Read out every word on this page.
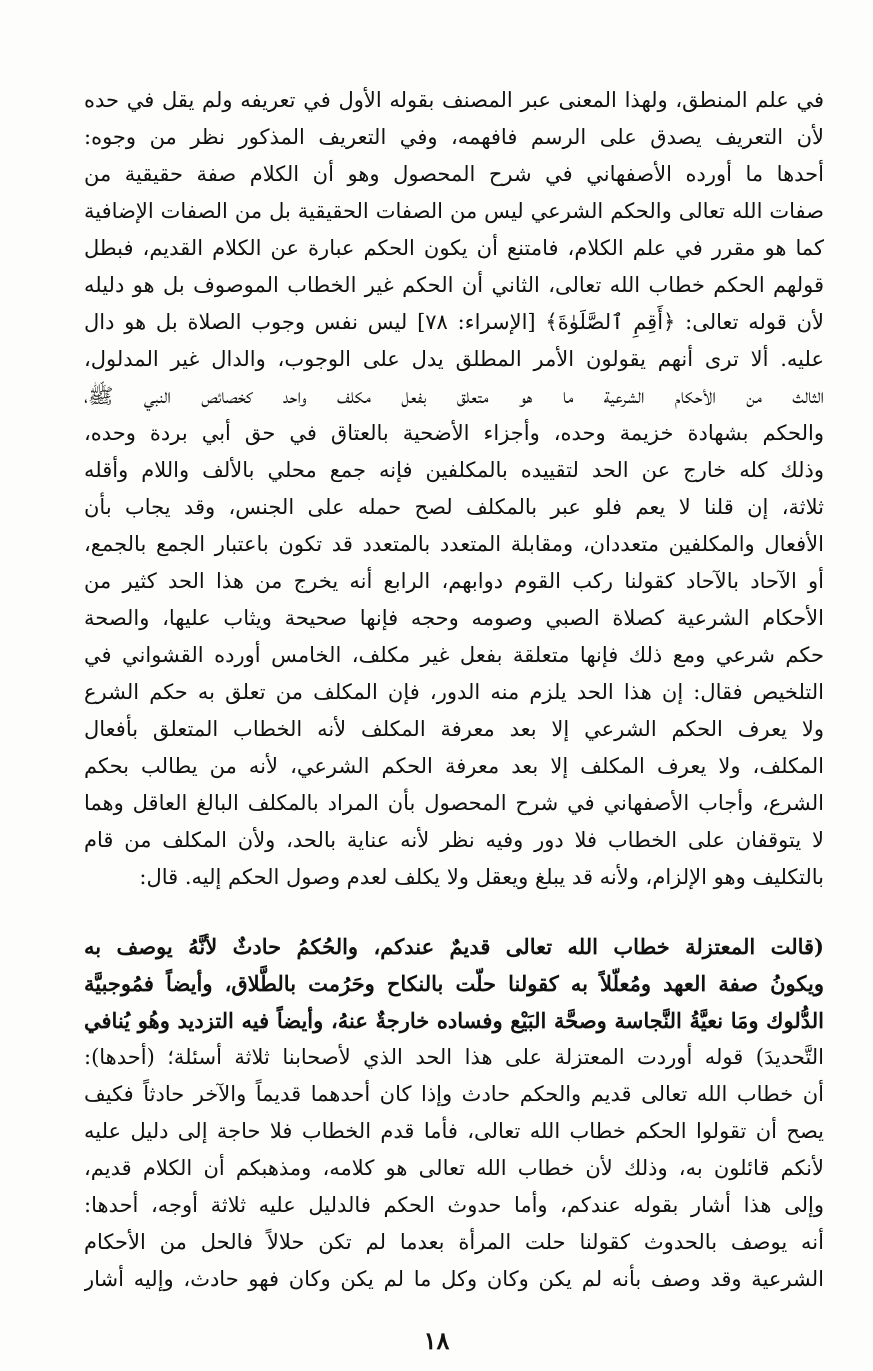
في علم المنطق، ولهذا المعنى عبر المصنف بقوله الأول في تعريفه ولم يقل في حده
لأن التعريف يصدق على الرسم فافهمه، وفي التعريف المذكور نظر من وجوه:
أحدها ما أورده الأصفهاني في شرح المحصول وهو أن الكلام صفة حقيقية من
صفات الله تعالى والحكم الشرعي ليس من الصفات الحقيقية بل من الصفات الإضافية
كما هو مقرر في علم الكلام، فامتنع أن يكون الحكم عبارة عن الكلام القديم، فبطل
قولهم الحكم خطاب الله تعالى، الثاني أن الحكم غير الخطاب الموصوف بل هو دليله
لأن قوله تعالى: ﴿أَقِمِ ٱلصَّلَوٰةَ﴾ [الإسراء: ٧٨] ليس نفس وجوب الصلاة بل هو دال
عليه. ألا ترى أنهم يقولون الأمر المطلق يدل على الوجوب، والدال غير المدلول،
الثالث من الأحكام الشرعية ما هو متعلق بفعل مكلف واحد كخصائص النبي ﷺ،
والحكم بشهادة خزيمة وحده، وأجزاء الأضحية بالعتاق في حق أبي بردة وحده،
وذلك كله خارج عن الحد لتقييده بالمكلفين فإنه جمع محلي بالألف واللام وأقله
ثلاثة، إن قلنا لا يعم فلو عبر بالمكلف لصح حمله على الجنس، وقد يجاب بأن
الأفعال والمكلفين متعددان، ومقابلة المتعدد بالمتعدد قد تكون باعتبار الجمع بالجمع،
أو الآحاد بالآحاد كقولنا ركب القوم دوابهم، الرابع أنه يخرج من هذا الحد كثير من
الأحكام الشرعية كصلاة الصبي وصومه وحجه فإنها صحيحة ويثاب عليها، والصحة
حكم شرعي ومع ذلك فإنها متعلقة بفعل غير مكلف، الخامس أورده القشواني في
التلخيص فقال: إن هذا الحد يلزم منه الدور، فإن المكلف من تعلق به حكم الشرع
ولا يعرف الحكم الشرعي إلا بعد معرفة المكلف لأنه الخطاب المتعلق بأفعال
المكلف، ولا يعرف المكلف إلا بعد معرفة الحكم الشرعي، لأنه من يطالب بحكم
الشرع، وأجاب الأصفهاني في شرح المحصول بأن المراد بالمكلف البالغ العاقل وهما
لا يتوقفان على الخطاب فلا دور وفيه نظر لأنه عناية بالحد، ولأن المكلف من قام
بالتكليف وهو الإلزام، ولأنه قد يبلغ ويعقل ولا يكلف لعدم وصول الحكم إليه. قال:
(قالت المعتزلة خطاب الله تعالى قديمٌ عندكم، والحُكمُ حادثٌ لأنَّهُ يوصف به
ويكونُ صفة العهد ومُعلّلاً به كقولنا حلّت بالنكاح وحَرُمت بالطَّلاق، وأيضاً فمُوجبيَّة
الدُّلوك ومَا نعيَّةُ النَّجاسة وصحَّة البَيْع وفساده خارجةٌ عنهُ، وأيضاً فيه التزديد وهُو يُنافي
التَّحديدَ) قوله أوردت المعتزلة على هذا الحد الذي لأصحابنا ثلاثة أسئلة؛ (أحدها):
أن خطاب الله تعالى قديم والحكم حادث وإذا كان أحدهما قديماً والآخر حادثاً فكيف
يصح أن تقولوا الحكم خطاب الله تعالى، فأما قدم الخطاب فلا حاجة إلى دليل عليه
لأنكم قائلون به، وذلك لأن خطاب الله تعالى هو كلامه، ومذهبكم أن الكلام قديم،
وإلى هذا أشار بقوله عندكم، وأما حدوث الحكم فالدليل عليه ثلاثة أوجه، أحدها:
أنه يوصف بالحدوث كقولنا حلت المرأة بعدما لم تكن حلالاً فالحل من الأحكام
الشرعية وقد وصف بأنه لم يكن وكان وكل ما لم يكن وكان فهو حادث، وإليه أشار
١٨
